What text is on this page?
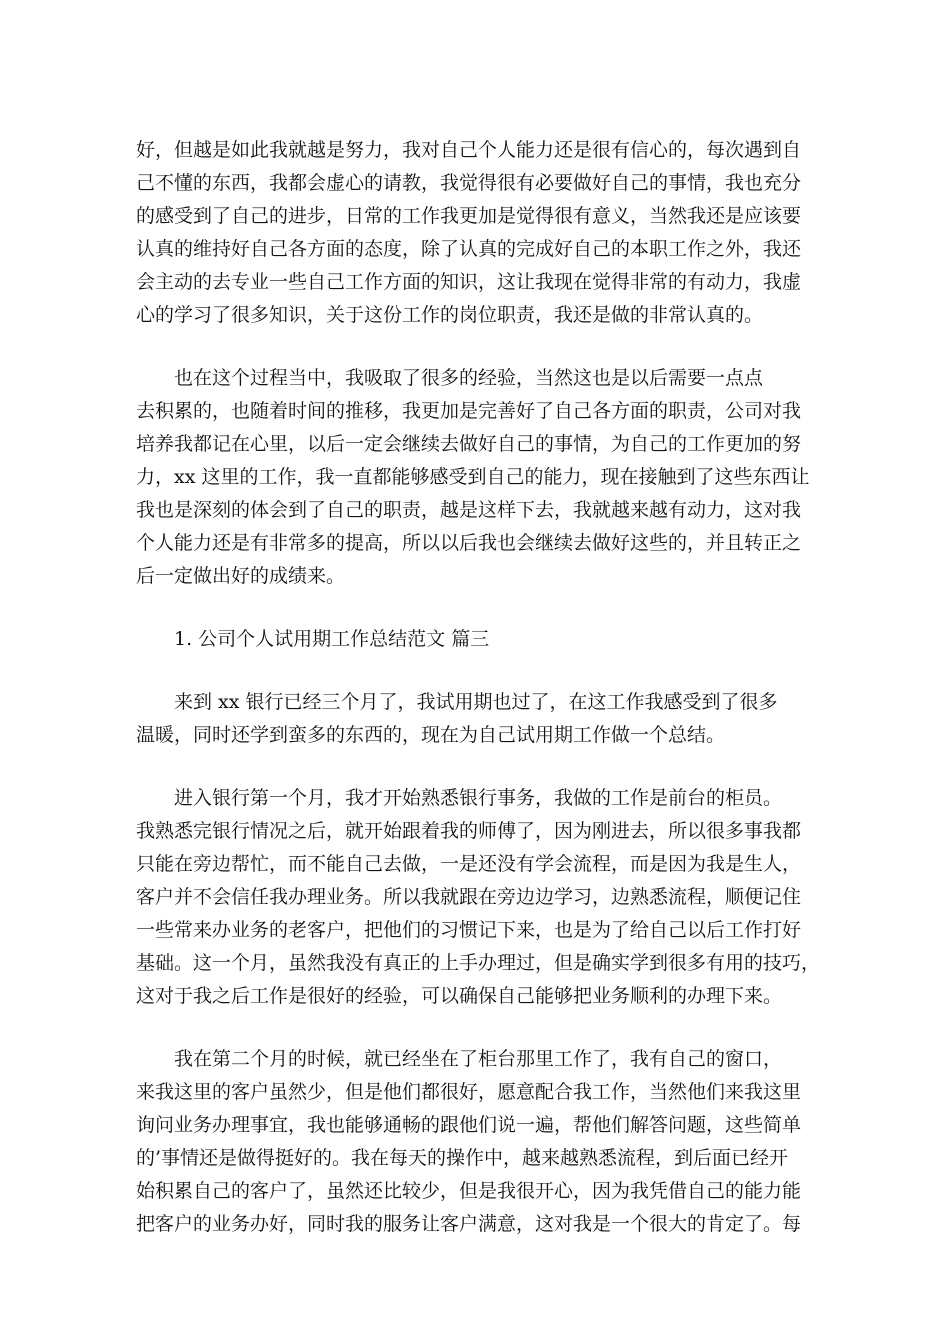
好，但越是如此我就越是努力，我对自己个人能力还是很有信心的，每次遇到自
己不懂的东西，我都会虚心的请教，我觉得很有必要做好自己的事情，我也充分
的感受到了自己的进步，日常的工作我更加是觉得很有意义，当然我还是应该要
认真的维持好自己各方面的态度，除了认真的完成好自己的本职工作之外，我还
会主动的去专业一些自己工作方面的知识，这让我现在觉得非常的有动力，我虚
心的学习了很多知识，关于这份工作的岗位职责，我还是做的非常认真的。
　　也在这个过程当中，我吸取了很多的经验，当然这也是以后需要一点点
去积累的，也随着时间的推移，我更加是完善好了自己各方面的职责，公司对我
培养我都记在心里，以后一定会继续去做好自己的事情，为自己的工作更加的努
力，xx 这里的工作，我一直都能够感受到自己的能力，现在接触到了这些东西让
我也是深刻的体会到了自己的职责，越是这样下去，我就越来越有动力，这对我
个人能力还是有非常多的提高，所以以后我也会继续去做好这些的，并且转正之
后一定做出好的成绩来。
1. 公司个人试用期工作总结范文 篇三
　　来到 xx 银行已经三个月了，我试用期也过了，在这工作我感受到了很多
温暖，同时还学到蛮多的东西的，现在为自己试用期工作做一个总结。
　　进入银行第一个月，我才开始熟悉银行事务，我做的工作是前台的柜员。
我熟悉完银行情况之后，就开始跟着我的师傅了，因为刚进去，所以很多事我都
只能在旁边帮忙，而不能自己去做，一是还没有学会流程，而是因为我是生人，
客户并不会信任我办理业务。所以我就跟在旁边边学习，边熟悉流程，顺便记住
一些常来办业务的老客户，把他们的习惯记下来，也是为了给自己以后工作打好
基础。这一个月，虽然我没有真正的上手办理过，但是确实学到很多有用的技巧，
这对于我之后工作是很好的经验，可以确保自己能够把业务顺利的办理下来。
　　我在第二个月的时候，就已经坐在了柜台那里工作了，我有自己的窗口，
来我这里的客户虽然少，但是他们都很好，愿意配合我工作，当然他们来我这里
询问业务办理事宜，我也能够通畅的跟他们说一遍，帮他们解答问题，这些简单
的’事情还是做得挺好的。我在每天的操作中，越来越熟悉流程，到后面已经开
始积累自己的客户了，虽然还比较少，但是我很开心，因为我凭借自己的能力能
把客户的业务办好，同时我的服务让客户满意，这对我是一个很大的肯定了。每
